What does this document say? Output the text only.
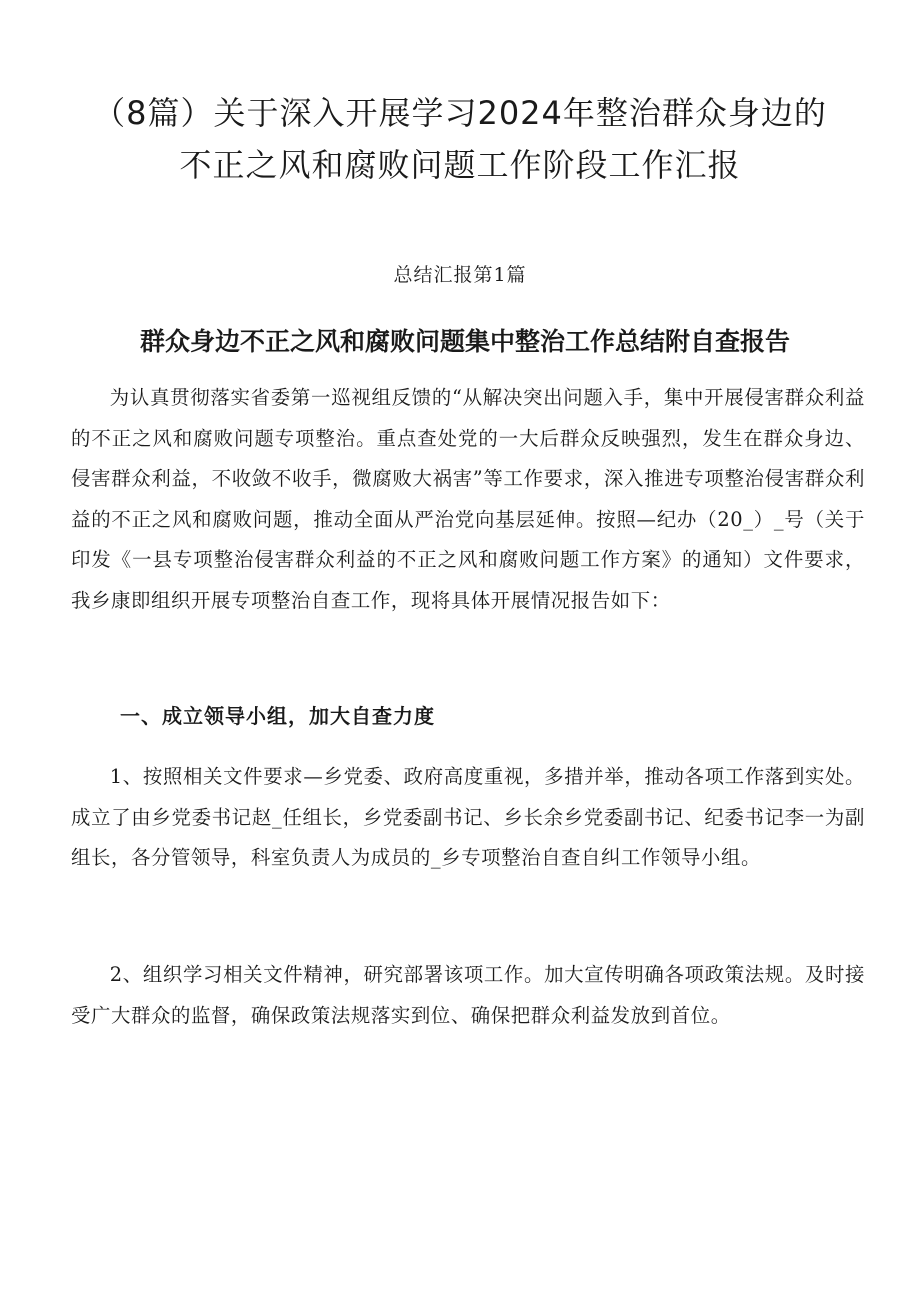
（8篇）关于深入开展学习2024年整治群众身边的
不正之风和腐败问题工作阶段工作汇报
总结汇报第1篇
群众身边不正之风和腐败问题集中整治工作总结附自查报告

为认真贯彻落实省委第一巡视组反馈的“从解决突出问题入手，集中开展侵害群众利益的不正之风和腐败问题专项整治。重点查处党的一大后群众反映强烈，发生在群众身边、侵害群众利益，不收敛不收手，微腐败大祸害”等工作要求，深入推进专项整治侵害群众利益的不正之风和腐败问题，推动全面从严治党向基层延伸。按照—纪办（20_）_号（关于印发《一县专项整治侵害群众利益的不正之风和腐败问题工作方案》的通知）文件要求，我乡康即组织开展专项整治自查工作，现将具体开展情况报告如下：

一、成立领导小组，加大自查力度

1、按照相关文件要求—乡党委、政府高度重视，多措并举，推动各项工作落到实处。成立了由乡党委书记赵_任组长，乡党委副书记、乡长余乡党委副书记、纪委书记李一为副组长，各分管领导，科室负责人为成员的_乡专项整治自查自纠工作领导小组。

2、组织学习相关文件精神，研究部署该项工作。加大宣传明确各项政策法规。及时接受广大群众的监督，确保政策法规落实到位、确保把群众利益发放到首位。
